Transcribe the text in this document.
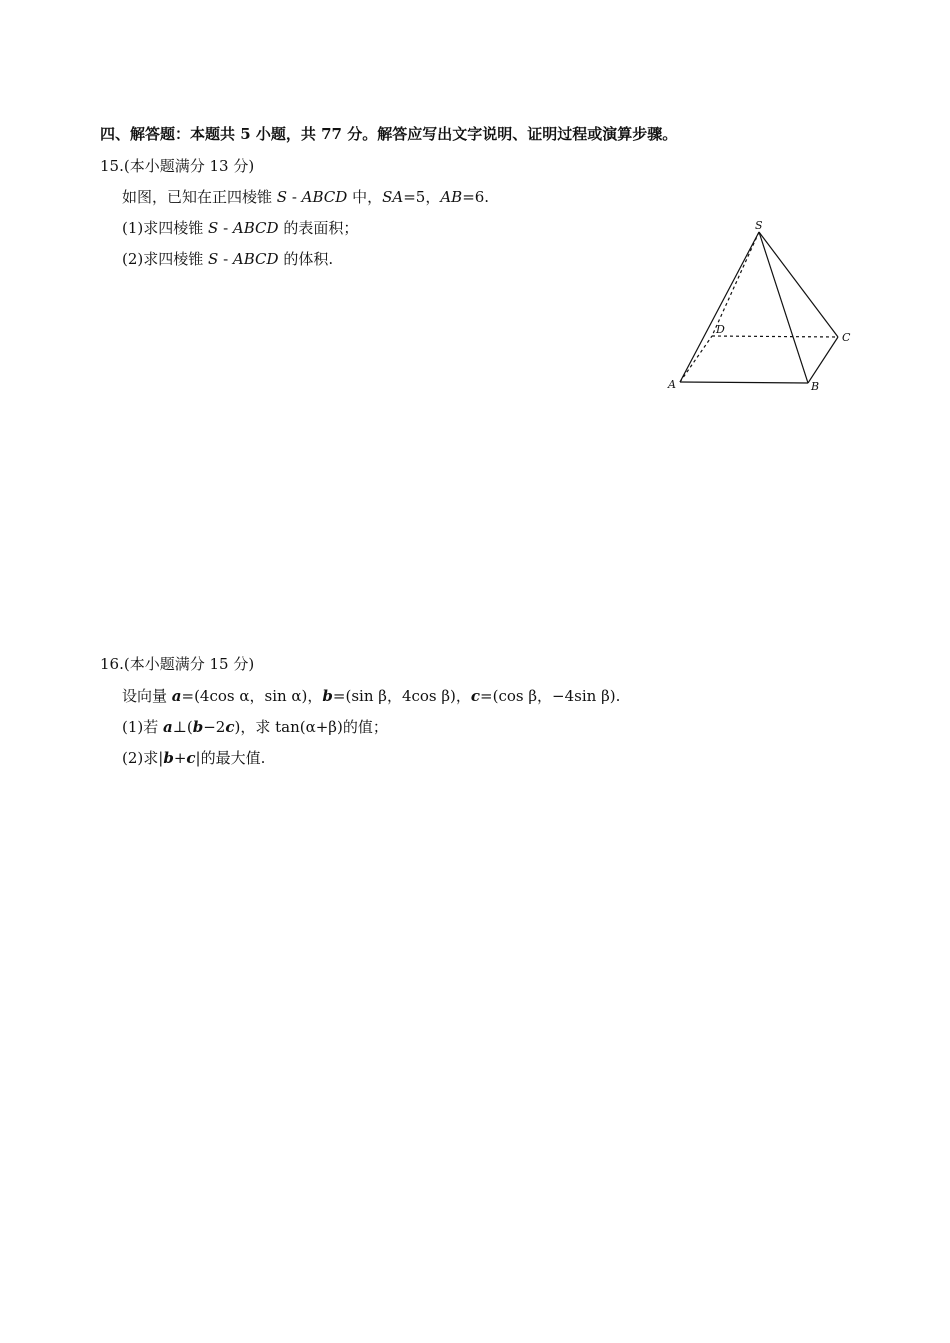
四、解答题：本题共 5 小题，共 77 分。解答应写出文字说明、证明过程或演算步骤。
15.(本小题满分 13 分)
如图，已知在正四棱锥 S - ABCD 中，SA=5，AB=6.
(1)求四棱锥 S - ABCD 的表面积；
(2)求四棱锥 S - ABCD 的体积.
S
A	B
C
D
16.(本小题满分 15 分)
设向量 a=(4cos α，sin α)，b=(sin β，4cos β)，c=(cos β，−4sin β).
(1)若 a⊥(b−2c)，求 tan(α+β)的值；
(2)求|b+c|的最大值.
